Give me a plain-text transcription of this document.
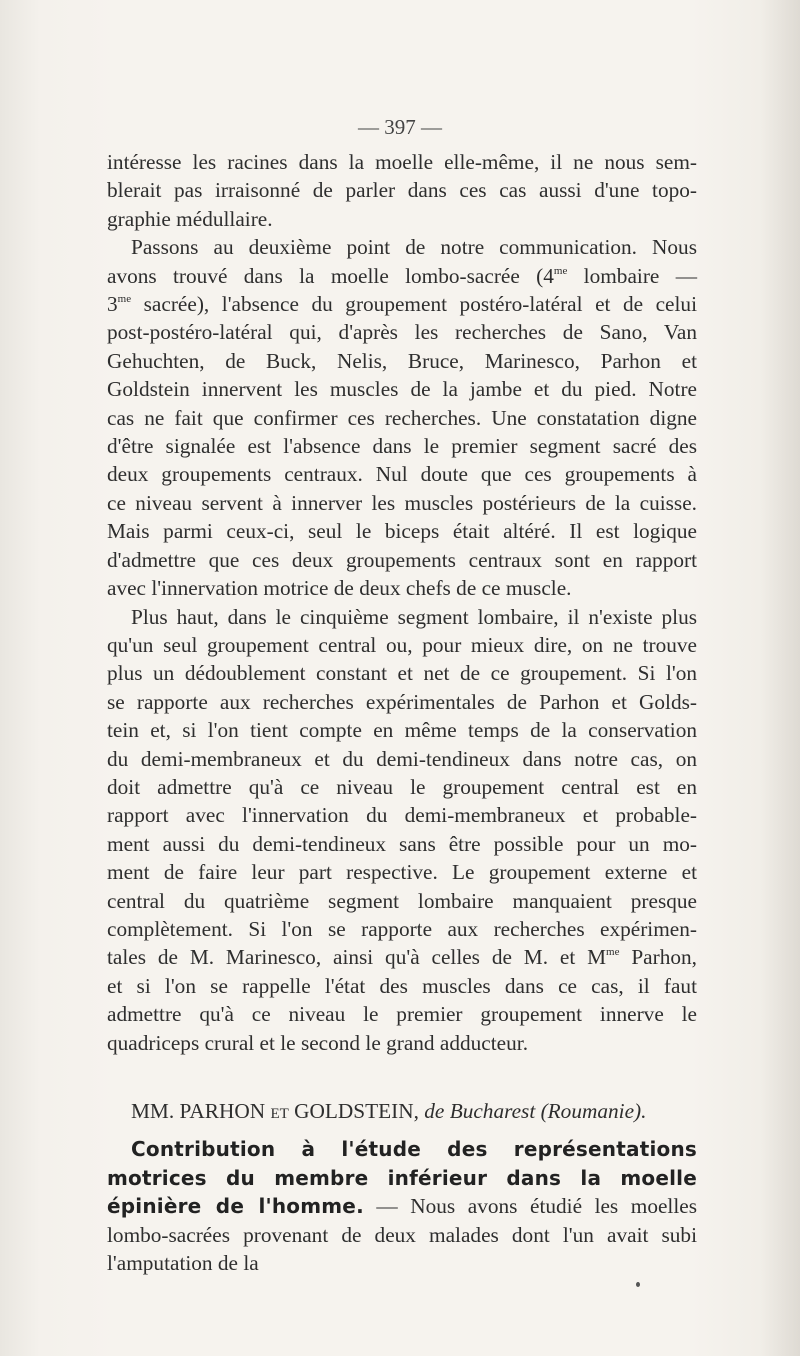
— 397 —

intéresse les racines dans la moelle elle-même, il ne nous sem-

blerait pas irraisonné de parler dans ces cas aussi d'une topo-

graphie médullaire.

Passons au deuxième point de notre communication. Nous

avons trouvé dans la moelle lombo-sacrée ($4^{me}$ lombaire —

$3^{me}$ sacrée), l'absence du groupement postéro-latéral et de celui

post-postéro-latéral qui, d'après les recherches de Sano, Van

Gehuchten, de Buck, Nelis, Bruce, Marinesco, Parhon et

Goldstein innervent les muscles de la jambe et du pied. Notre

cas ne fait que confirmer ces recherches. Une constatation digne

d'être signalée est l'absence dans le premier segment sacré des

deux groupements centraux. Nul doute que ces groupements à

ce niveau servent à innerver les muscles postérieurs de la cuisse.

Mais parmi ceux-ci, seul le biceps était altéré. Il est logique

d'admettre que ces deux groupements centraux sont en rapport

avec l'innervation motrice de deux chefs de ce muscle.

Plus haut, dans le cinquième segment lombaire, il n'existe plus

qu'un seul groupement central ou, pour mieux dire, on ne trouve

plus un dédoublement constant et net de ce groupement. Si l'on

se rapporte aux recherches expérimentales de Parhon et Golds-

tein et, si l'on tient compte en même temps de la conservation

du demi-membraneux et du demi-tendineux dans notre cas, on

doit admettre qu'à ce niveau le groupement central est en

rapport avec l'innervation du demi-membraneux et probable-

ment aussi du demi-tendineux sans être possible pour un mo-

ment de faire leur part respective. Le groupement externe et

central du quatrième segment lombaire manquaient presque

complètement. Si l'on se rapporte aux recherches expérimen-

tales de M. Marinesco, ainsi qu'à celles de M. et $M^{me}$ Parhon,

et si l'on se rappelle l'état des muscles dans ce cas, il faut

admettre qu'à ce niveau le premier groupement innerve le

quadriceps crural et le second le grand adducteur.

MM. PARHON et GOLDSTEIN, de Bucharest (Roumanie).

Contribution à l'étude des représentations motrices du membre inférieur dans la moelle épinière de l'homme. — Nous avons étudié les moelles lombo-sacrées provenant de deux malades dont l'un avait subi l'amputation de la
